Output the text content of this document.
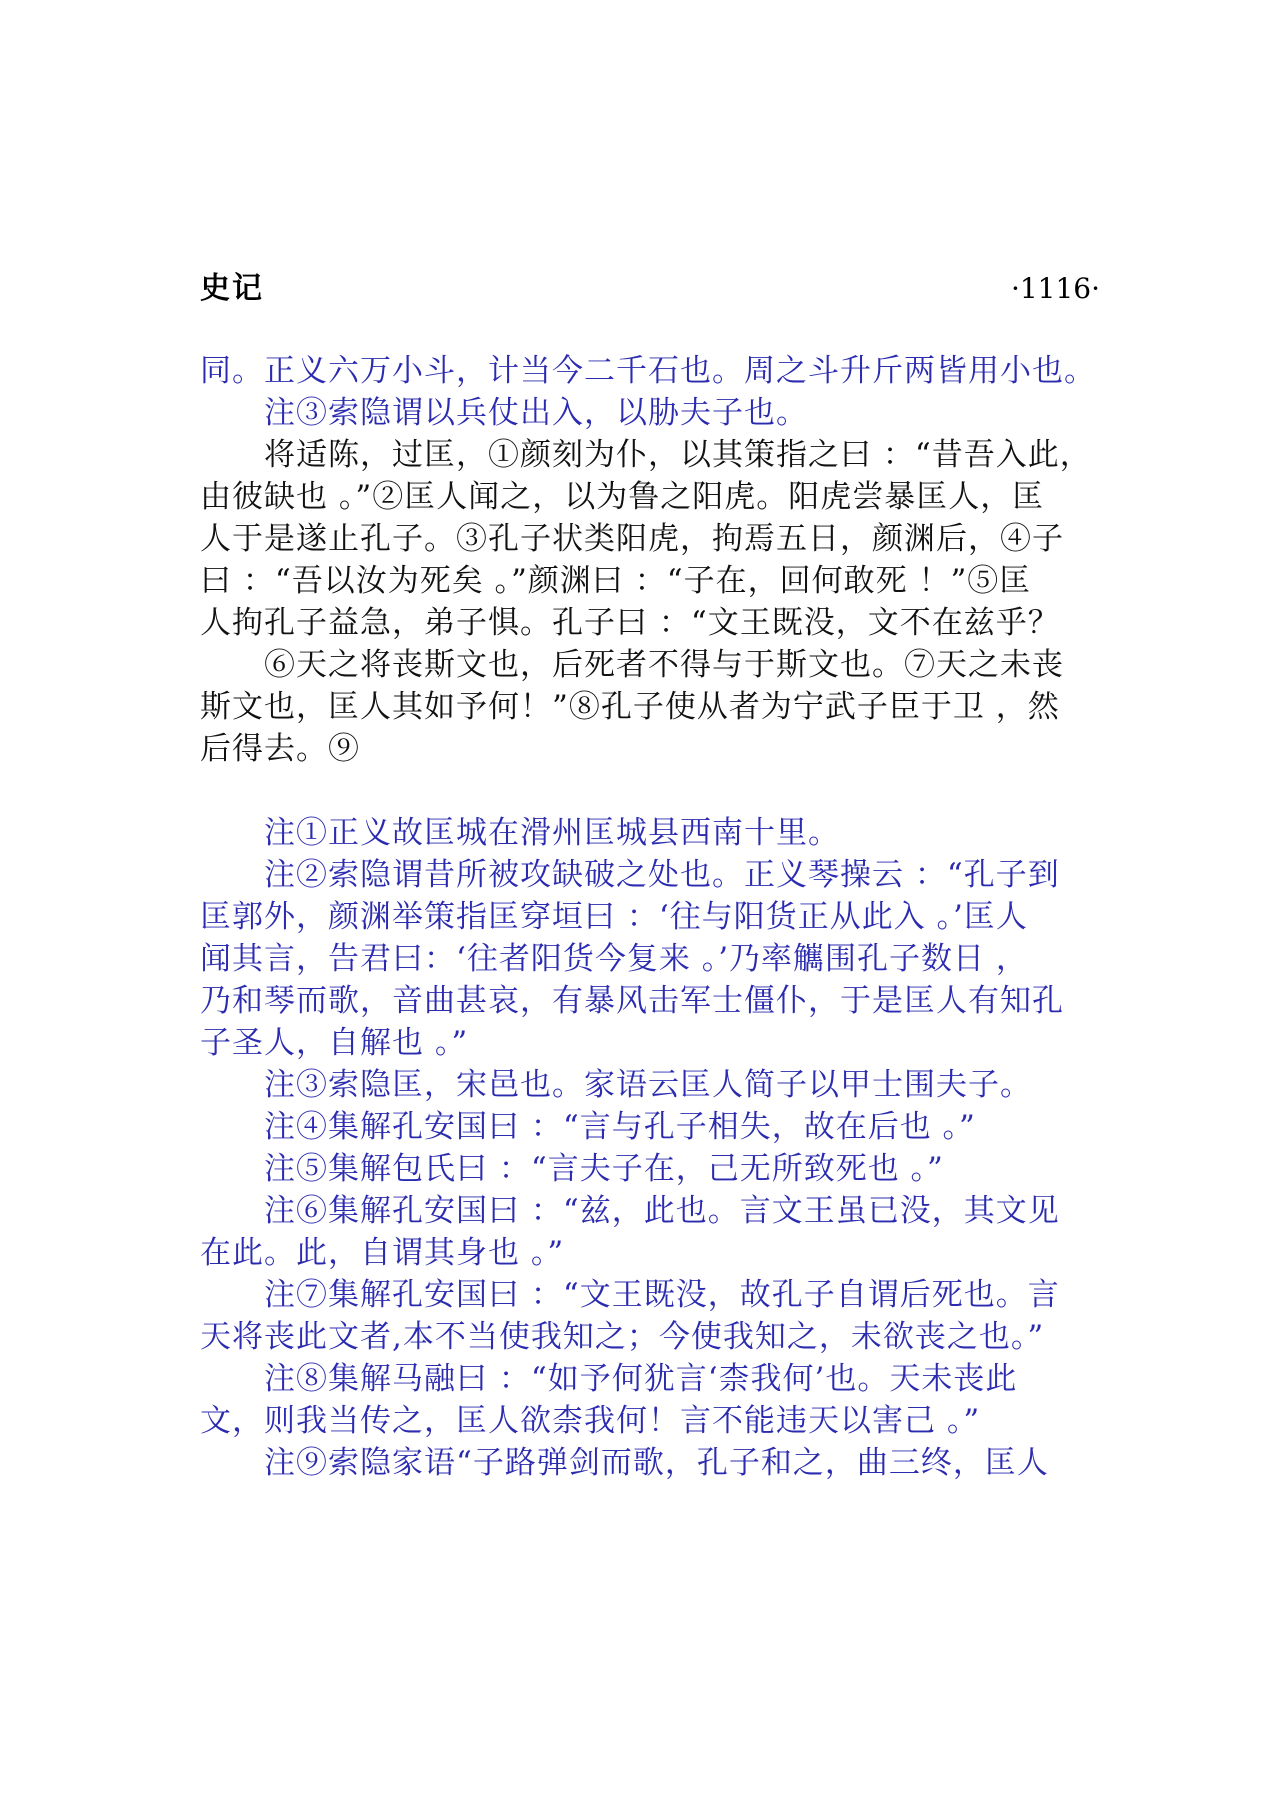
史记	·1116·
同。正义六万小斗，计当今二千石也。周之斗升斤两皆用小也。
注③索隐谓以兵仗出入，以胁夫子也。
将适陈，过匡，①颜刻为仆，以其策指之曰 ：“昔吾入此，
由彼缺也 。”②匡人闻之，以为鲁之阳虎。阳虎尝暴匡人，匡
人于是遂止孔子。③孔子状类阳虎，拘焉五日，颜渊后，④子
曰 ：“吾以汝为死矣 。”颜渊曰 ：“子在，回何敢死 ！”⑤匡
人拘孔子益急，弟子惧。孔子曰 ：“文王既没，文不在兹乎？
⑥天之将丧斯文也，后死者不得与于斯文也。⑦天之未丧
斯文也，匡人其如予何！”⑧孔子使从者为宁武子臣于卫 ，然
后得去。⑨
注①正义故匡城在滑州匡城县西南十里。
注②索隐谓昔所被攻缺破之处也。正义琴操云 ：“孔子到
匡郭外，颜渊举策指匡穿垣曰 ：‘往与阳货正从此入 。’匡人
闻其言，告君曰：‘往者阳货今复来 。’乃率觽围孔子数日 ，
乃和琴而歌，音曲甚哀，有暴风击军士僵仆，于是匡人有知孔
子圣人，自解也 。”
注③索隐匡，宋邑也。家语云匡人简子以甲士围夫子。
注④集解孔安国曰 ：“言与孔子相失，故在后也 。”
注⑤集解包氏曰 ：“言夫子在，己无所致死也 。”
注⑥集解孔安国曰 ：“兹，此也。言文王虽已没，其文见
在此。此，自谓其身也 。”
注⑦集解孔安国曰 ：“文王既没，故孔子自谓后死也。言
天将丧此文者,本不当使我知之；今使我知之，未欲丧之也。”
注⑧集解马融曰 ：“如予何犹言‘柰我何’也。天未丧此
文，则我当传之，匡人欲柰我何！言不能违天以害己 。”
注⑨索隐家语“子路弹剑而歌，孔子和之，曲三终，匡人
